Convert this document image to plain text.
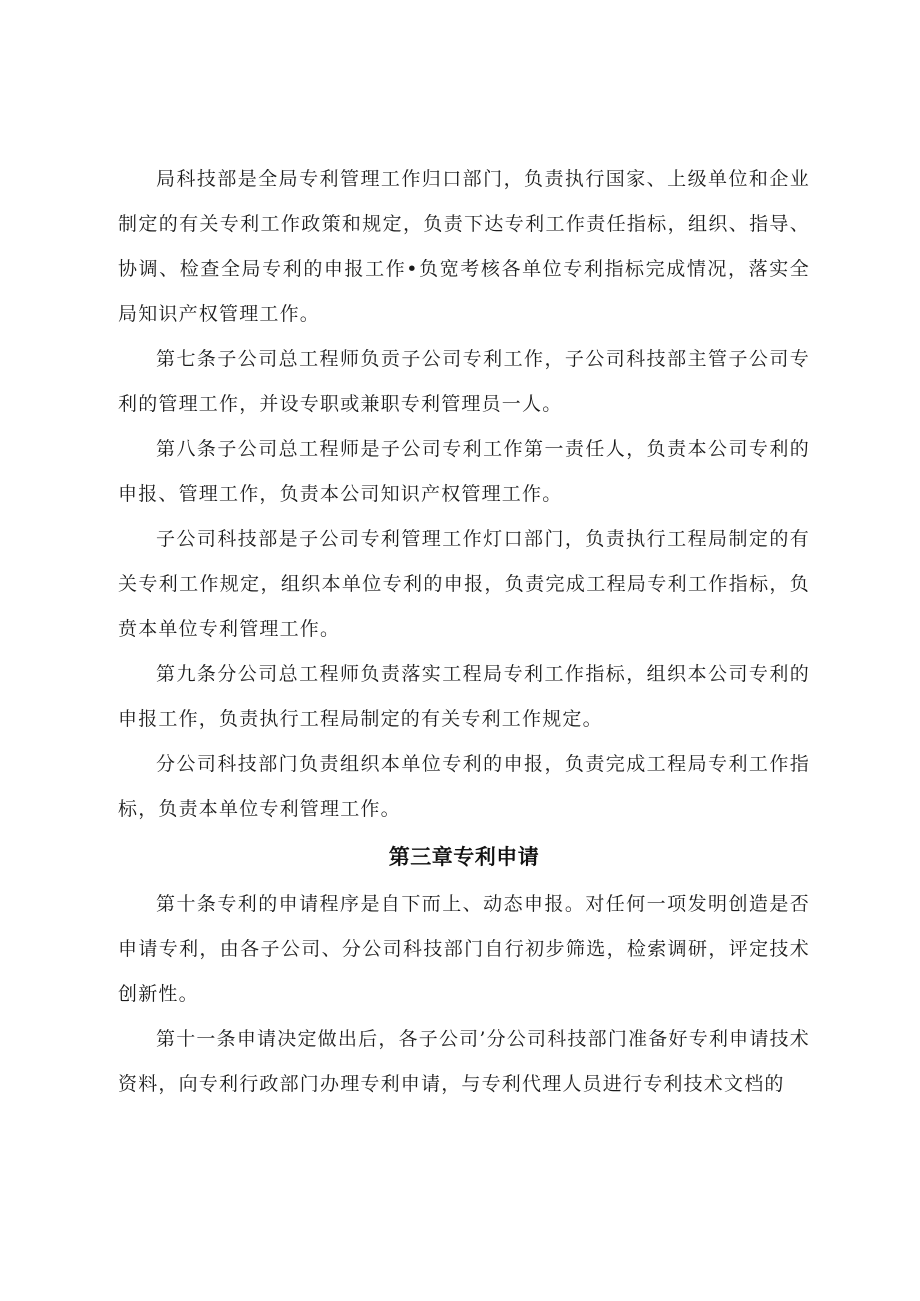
局科技部是全局专利管理工作归口部门，负责执行国家、上级单位和企业制定的有关专利工作政策和规定，负责下达专利工作责任指标，组织、指导、协调、检查全局专利的申报工作•负宽考核各单位专利指标完成情况，落实全局知识产权管理工作。

第七条子公司总工程师负贡子公司专利工作，子公司科技部主管子公司专利的管理工作，并设专职或兼职专利管理员一人。

第八条子公司总工程师是子公司专利工作第一责任人，负责本公司专利的申报、管理工作，负责本公司知识产权管理工作。

子公司科技部是子公司专利管理工作灯口部门，负责执行工程局制定的有关专利工作规定，组织本单位专利的申报，负责完成工程局专利工作指标，负贲本单位专利管理工作。

第九条分公司总工程师负责落实工程局专利工作指标，组织本公司专利的申报工作，负责执行工程局制定的有关专利工作规定。

分公司科技部门负责组织本单位专利的申报，负责完成工程局专利工作指标，负责本单位专利管理工作。

第三章专利申请

第十条专利的申请程序是自下而上、动态申报。对任何一项发明创造是否申请专利，由各子公司、分公司科技部门自行初步筛选，检索调研，评定技术创新性。

第十一条申请决定做出后，各子公司’分公司科技部门准备好专利申请技术资料，向专利行政部门办理专利申请，与专利代理人员进行专利技术文档的
